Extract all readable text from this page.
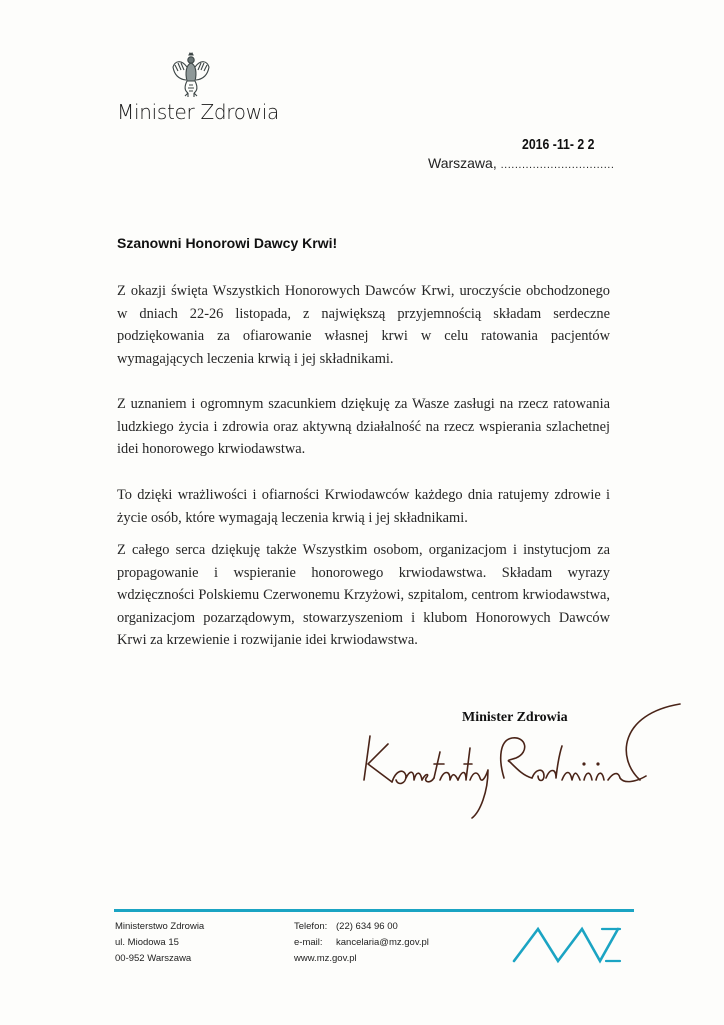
Minister Zdrowia
2016 -11- 2 2
Warszawa, ................................
Szanowni Honorowi Dawcy Krwi!

Z okazji święta Wszystkich Honorowych Dawców Krwi, uroczyście obchodzonego w dniach 22-26 listopada, z największą przyjemnością składam serdeczne podziękowania za ofiarowanie własnej krwi w celu ratowania pacjentów wymagających leczenia krwią i jej składnikami.

Z uznaniem i ogromnym szacunkiem dziękuję za Wasze zasługi na rzecz ratowania ludzkiego życia i zdrowia oraz aktywną działalność na rzecz wspierania szlachetnej idei honorowego krwiodawstwa.

To dzięki wrażliwości i ofiarności Krwiodawców każdego dnia ratujemy zdrowie i życie osób, które wymagają leczenia krwią i jej składnikami.

Z całego serca dziękuję także Wszystkim osobom, organizacjom i instytucjom za propagowanie i wspieranie honorowego krwiodawstwa. Składam wyrazy wdzięczności Polskiemu Czerwonemu Krzyżowi, szpitalom, centrom krwiodawstwa, organizacjom pozarządowym, stowarzyszeniom i klubom Honorowych Dawców Krwi za krzewienie i rozwijanie idei krwiodawstwa.

Minister Zdrowia
Ministerstwo Zdrowia
ul. Miodowa 15
00-952 Warszawa
Telefon: (22) 634 96 00
e-mail: kancelaria@mz.gov.pl
www.mz.gov.pl
